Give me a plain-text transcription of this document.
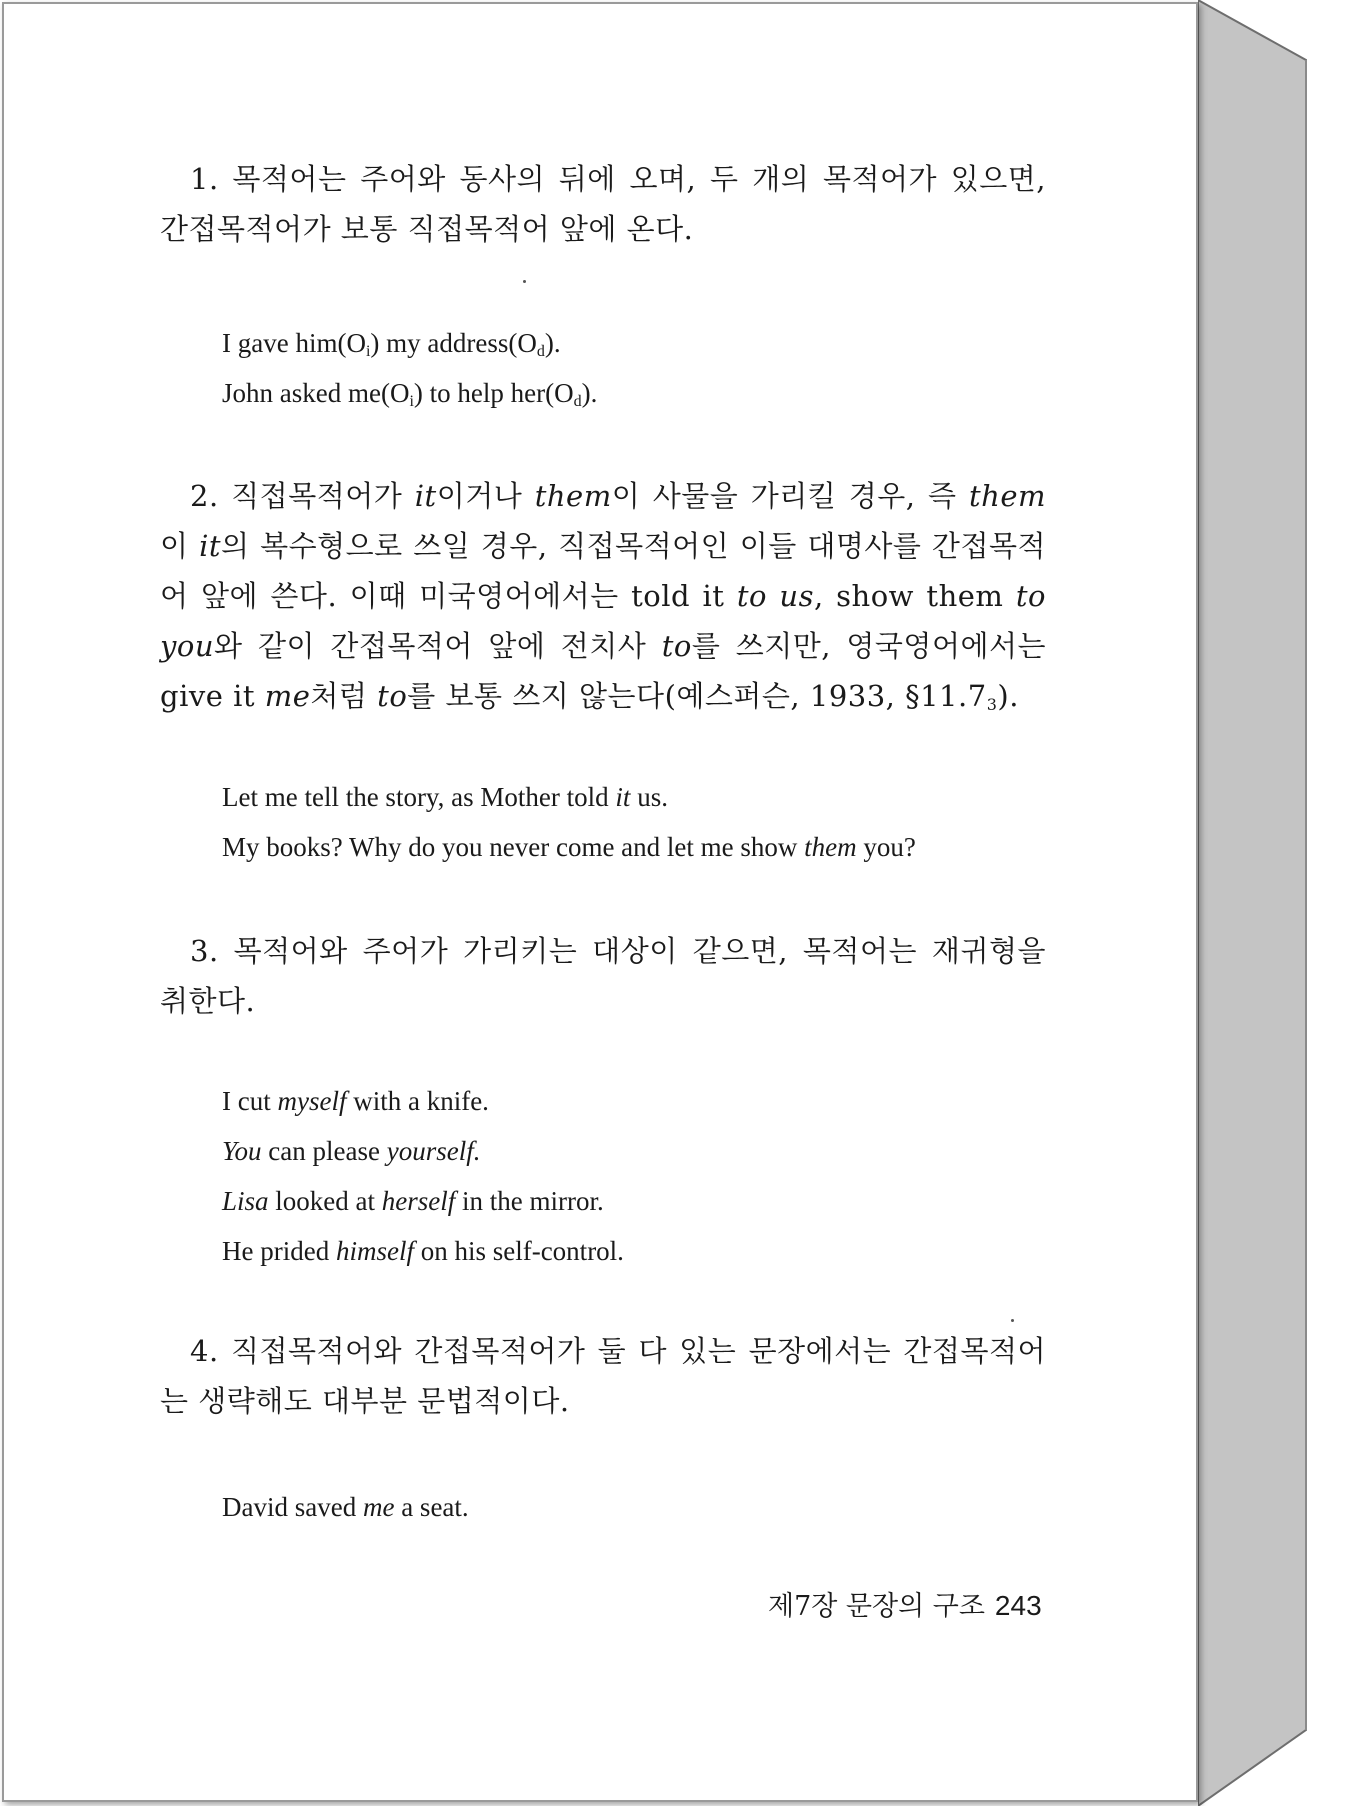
1. 목적어는 주어와 동사의 뒤에 오며, 두 개의 목적어가 있으면, 간접목적어가 보통 직접목적어 앞에 온다.

I gave $him(O_i)$ my $address(O_d)$.

John asked $me(O_i)$ to help $her(O_d)$.

2. 직접목적어가 it이거나 them이 사물을 가리킬 경우, 즉 them이 it의 복수형으로 쓰일 경우, 직접목적어인 이들 대명사를 간접목적어 앞에 쓴다. 이때 미국영어에서는 told it to us, show them to you와 같이 간접목적어 앞에 전치사 to를 쓰지만, 영국영어에서는 give it me처럼 to를 보통 쓰지 않는다(예스퍼슨, 1933, $\S 11.7_3$).

Let me tell the story, as Mother told it us.

My books? Why do you never come and let me show them you?

3. 목적어와 주어가 가리키는 대상이 같으면, 목적어는 재귀형을 취한다.

I cut myself with a knife.

You can please yourself.

Lisa looked at herself in the mirror.

He prided himself on his self-control.

4. 직접목적어와 간접목적어가 둘 다 있는 문장에서는 간접목적어는 생략해도 대부분 문법적이다.

David saved me a seat.

제7장 문장의 구조 243
